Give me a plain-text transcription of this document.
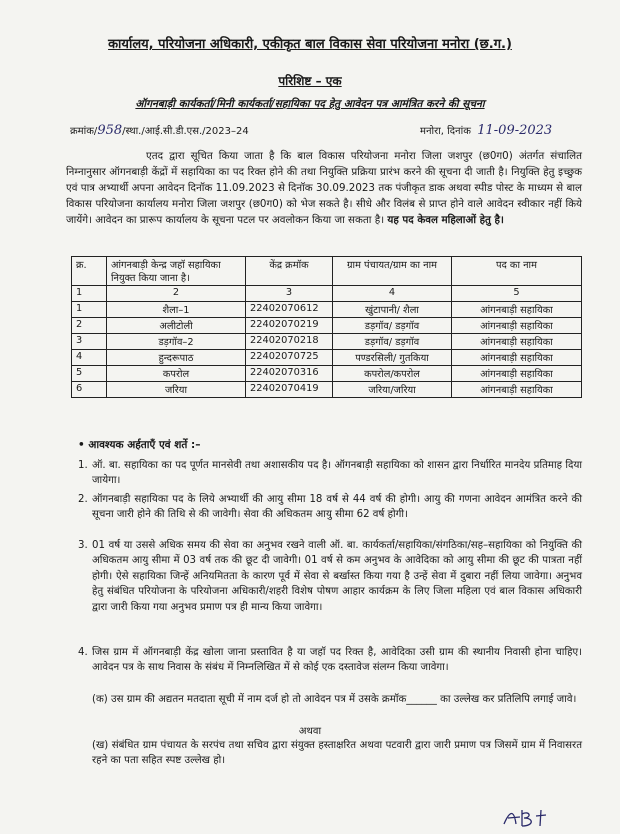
कार्यालय, परियोजना अधिकारी, एकीकृत बाल विकास सेवा परियोजना मनोरा (छ.ग.)
परिशिष्ट – एक
ऑगनबाड़ी कार्यकर्ता/मिनी कार्यकर्ता/सहायिका पद हेतु आवेदन पत्र आमंत्रित करने की सूचना
क्रमांक/958/स्था./आई.सी.डी.एस./2023–24	मनोरा, दिनांक 11-09-2023
एतद द्वारा सूचित किया जाता है कि बाल विकास परियोजना मनोरा जिला जशपुर (छ0ग0) अंतर्गत संचालित निम्नानुसार ऑगनबाड़ी केंद्रों में सहायिका का पद रिक्त होने की तथा नियुक्ति प्रक्रिया प्रारंभ करने की सूचना दी जाती है। नियुक्ति हेतु इच्छुक एवं पात्र अभ्यार्थी अपना आवेदन दिनॉक 11.09.2023 से दिनॉक 30.09.2023 तक पंजीकृत डाक अथवा स्पीड पोस्ट के माध्यम से बाल विकास परियोजना कार्यालय मनोरा जिला जशपुर (छ0ग0) को भेज सकते है। सीधे और विलंब से प्राप्त होने वाले आवेदन स्वीकार नहीं किये जायेंगे। आवेदन का प्रारूप कार्यालय के सूचना पटल पर अवलोकन किया जा सकता है। यह पद केवल महिलाओं हेतु है।
क्र.	आंगनबाड़ी केन्द्र जहॉ सहायिका नियुक्त किया जाना है।	केंद्र क्रमॉक	ग्राम पंचायत/ग्राम का नाम	पद का नाम
1	2	3	4	5
1	शैला–1	22402070612	खुंटापानी/ शैला	आंगनबाड़ी सहायिका
2	अलीटोली	22402070219	डड़गॉव/ डड़गॉव	आंगनबाड़ी सहायिका
3	डड़गॉव–2	22402070218	डड़गॉव/ डड़गॉव	आंगनबाड़ी सहायिका
4	हुन्दरूपाठ	22402070725	पण्डरसिली/ गुतकिया	आंगनबाड़ी सहायिका
5	कपरोल	22402070316	कपरोल/कपरोल	आंगनबाड़ी सहायिका
6	जरिया	22402070419	जरिया/जरिया	आंगनबाड़ी सहायिका
• आवश्यक अर्हताएँ एवं शर्ते :–
1. ऑ. बा. सहायिका का पद पूर्णत मानसेवी तथा अशासकीय पद है। ऑगनबाड़ी सहायिका को शासन द्वारा निर्धारित मानदेय प्रतिमाह दिया जायेगा।
2. ऑगनबाड़ी सहायिका पद के लिये अभ्यार्थी की आयु सीमा 18 वर्ष से 44 वर्ष की होगी। आयु की गणना आवेदन आमंत्रित करने की सूचना जारी होने की तिथि से की जावेगी। सेवा की अधिकतम आयु सीमा 62 वर्ष होगी।
3. 01 वर्ष या उससे अधिक समय की सेवा का अनुभव रखने वाली ऑ. बा. कार्यकर्ता/सहायिका/संगठिका/सह–सहायिका को नियुक्ति की अधिकतम आयु सीमा में 03 वर्ष तक की छूट दी जावेगी। 01 वर्ष से कम अनुभव के आवेदिका को आयु सीमा की छूट की पात्रता नहीं होगी। ऐसे सहायिका जिन्हें अनियमितता के कारण पूर्व में सेवा से बर्खास्त किया गया है उन्हें सेवा में दुबारा नहीं लिया जावेगा। अनुभव हेतु संबंधित परियोजना के परियोजना अधिकारी/शहरी विशेष पोषण आहार कार्यक्रम के लिए जिला महिला एवं बाल विकास अधिकारी द्वारा जारी किया गया अनुभव प्रमाण पत्र ही मान्य किया जावेगा।
4. जिस ग्राम में ऑगनबाड़ी केंद्र खोला जाना प्रस्तावित है या जहॉ पद रिक्त है, आवेदिका उसी ग्राम की स्थानीय निवासी होना चाहिए। आवेदन पत्र के साथ निवास के संबंध में निम्नलिखित में से कोई एक दस्तावेज संलग्न किया जावेगा।
(क) उस ग्राम की अद्यतन मतदाता सूची में नाम दर्ज हो तो आवेदन पत्र में उसके क्रमॉक______ का उल्लेख कर प्रतिलिपि लगाई जावे।
अथवा
(ख) संबंधित ग्राम पंचायत के सरपंच तथा सचिव द्वारा संयुक्त हस्ताक्षरित अथवा पटवारी द्वारा जारी प्रमाण पत्र जिसमें ग्राम में निवासरत रहने का पता सहित स्पष्ट उल्लेख हो।
